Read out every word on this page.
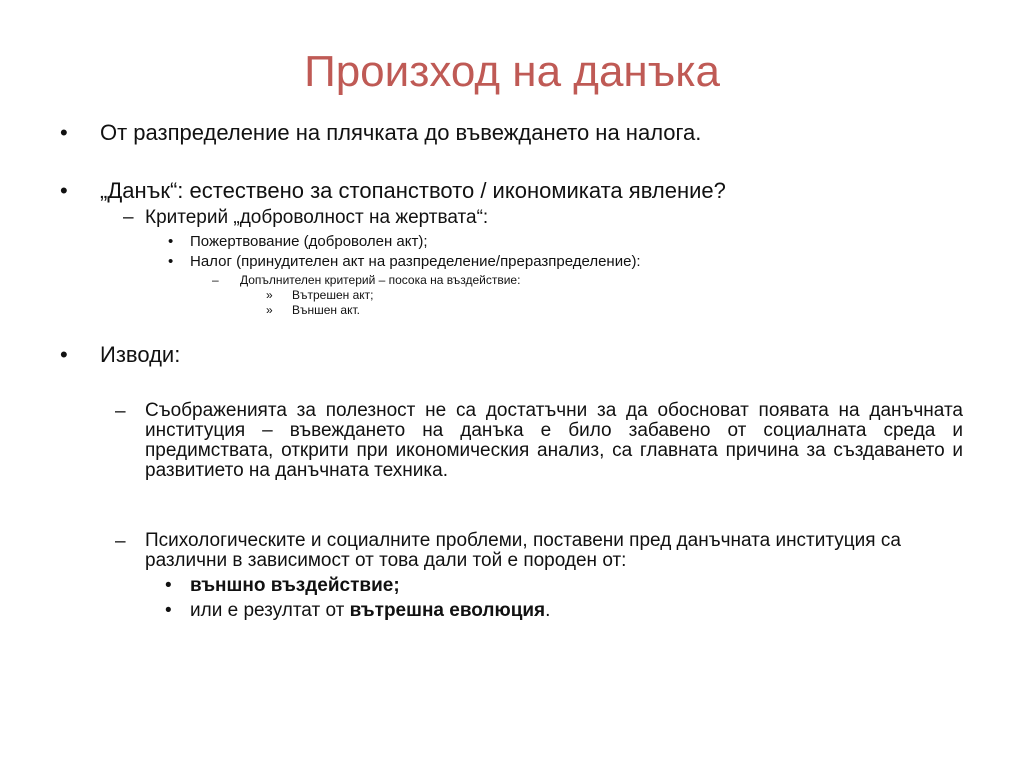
Произход на данъка
• От разпределение на плячката до въвеждането на налога.
• „Данък“: естествено за стопанството / икономиката явление?
– Критерий „доброволност на жертвата“:
• Пожертвование (доброволен акт);
• Налог (принудителен акт на разпределение/преразпределение):
– Допълнителен критерий – посока на въздействие:
» Вътрешен акт;
» Външен акт.
• Изводи:
– Съображенията за полезност не са достатъчни за да обосноват появата на данъчната институция – въвеждането на данъка е било забавено от социалната среда и предимствата, открити при икономическия анализ, са главната причина за създаването и развитието на данъчната техника.
– Психологическите и социалните проблеми, поставени пред данъчната институция са различни в зависимост от това дали той е породен от:
• външно въздействие;
• или е резултат от вътрешна еволюция.
